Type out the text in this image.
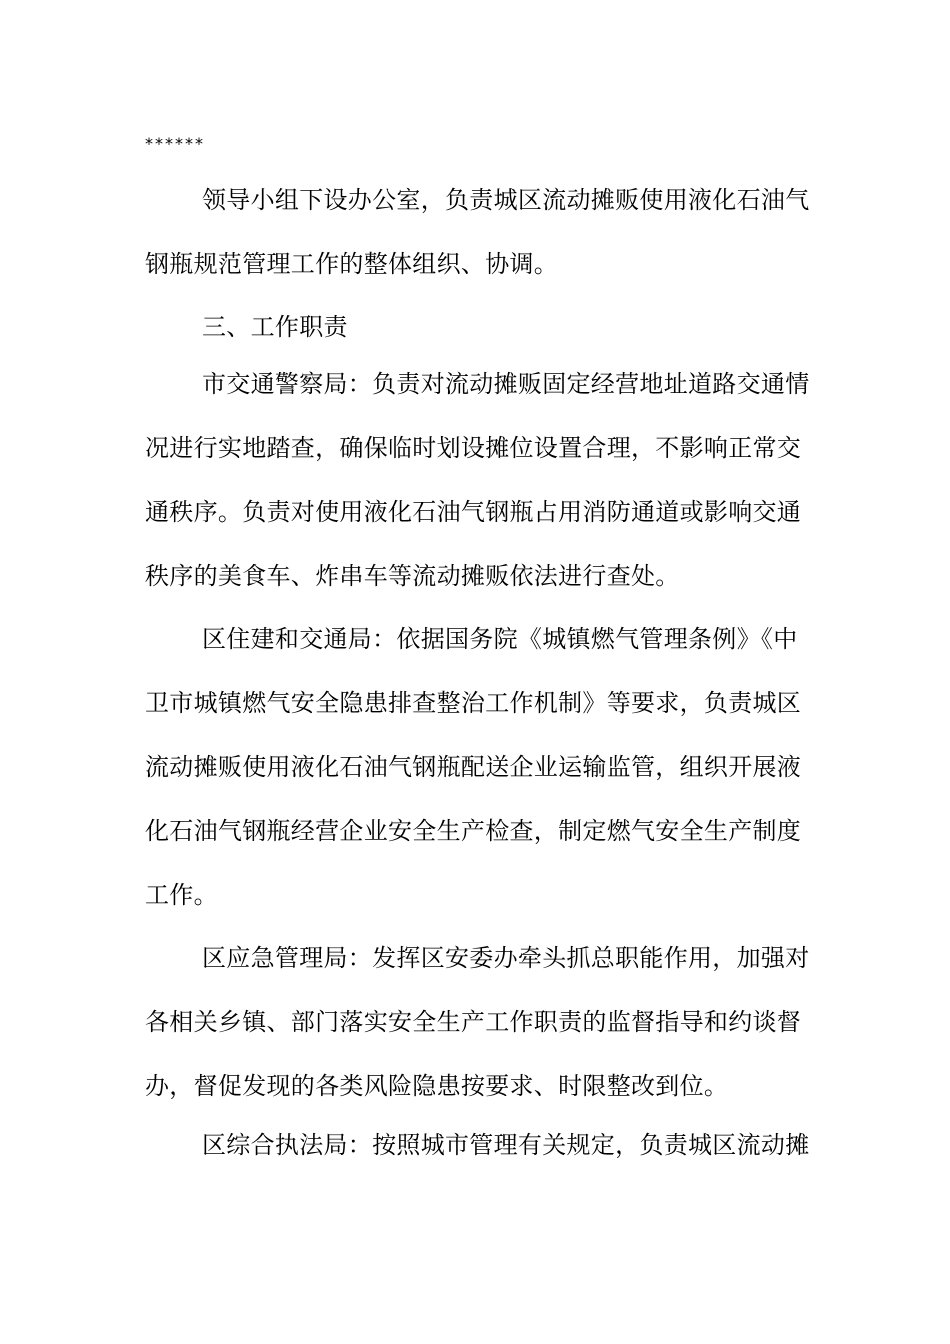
******
领导小组下设办公室，负责城区流动摊贩使用液化石油气
钢瓶规范管理工作的整体组织、协调。
三、工作职责
市交通警察局：负责对流动摊贩固定经营地址道路交通情
况进行实地踏查，确保临时划设摊位设置合理，不影响正常交
通秩序。负责对使用液化石油气钢瓶占用消防通道或影响交通
秩序的美食车、炸串车等流动摊贩依法进行查处。
区住建和交通局：依据国务院《城镇燃气管理条例》《中
卫市城镇燃气安全隐患排查整治工作机制》等要求，负责城区
流动摊贩使用液化石油气钢瓶配送企业运输监管，组织开展液
化石油气钢瓶经营企业安全生产检查，制定燃气安全生产制度
工作。
区应急管理局：发挥区安委办牵头抓总职能作用，加强对
各相关乡镇、部门落实安全生产工作职责的监督指导和约谈督
办，督促发现的各类风险隐患按要求、时限整改到位。
区综合执法局：按照城市管理有关规定，负责城区流动摊
